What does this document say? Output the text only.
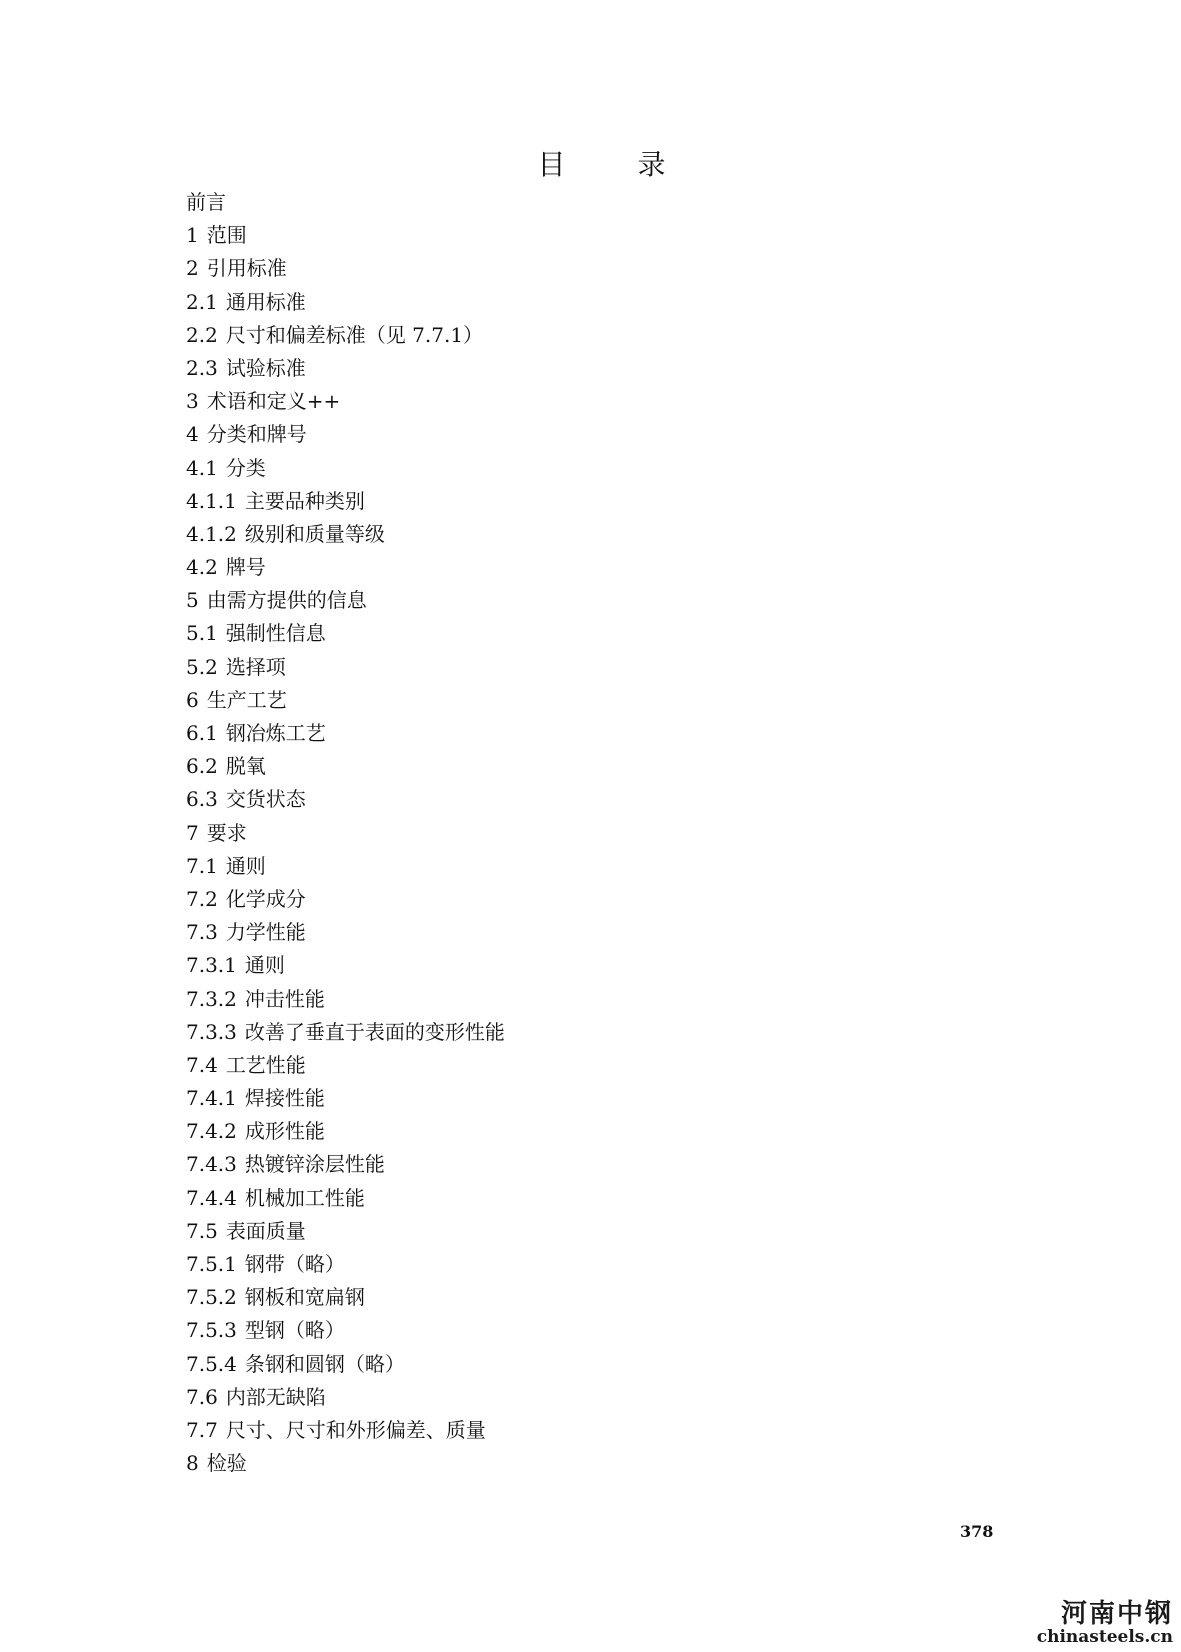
目　录
前言
1 范围
2 引用标准
2.1 通用标准
2.2 尺寸和偏差标准（见 7.7.1）
2.3 试验标准
3 术语和定义++
4 分类和牌号
4.1 分类
4.1.1 主要品种类别
4.1.2 级别和质量等级
4.2 牌号
5 由需方提供的信息
5.1 强制性信息
5.2 选择项
6 生产工艺
6.1 钢冶炼工艺
6.2 脱氧
6.3 交货状态
7 要求
7.1 通则
7.2 化学成分
7.3 力学性能
7.3.1 通则
7.3.2 冲击性能
7.3.3 改善了垂直于表面的变形性能
7.4 工艺性能
7.4.1 焊接性能
7.4.2 成形性能
7.4.3 热镀锌涂层性能
7.4.4 机械加工性能
7.5 表面质量
7.5.1 钢带（略）
7.5.2 钢板和宽扁钢
7.5.3 型钢（略）
7.5.4 条钢和圆钢（略）
7.6 内部无缺陷
7.7 尺寸、尺寸和外形偏差、质量
8 检验
378
河南中钢
chinasteels.cn
